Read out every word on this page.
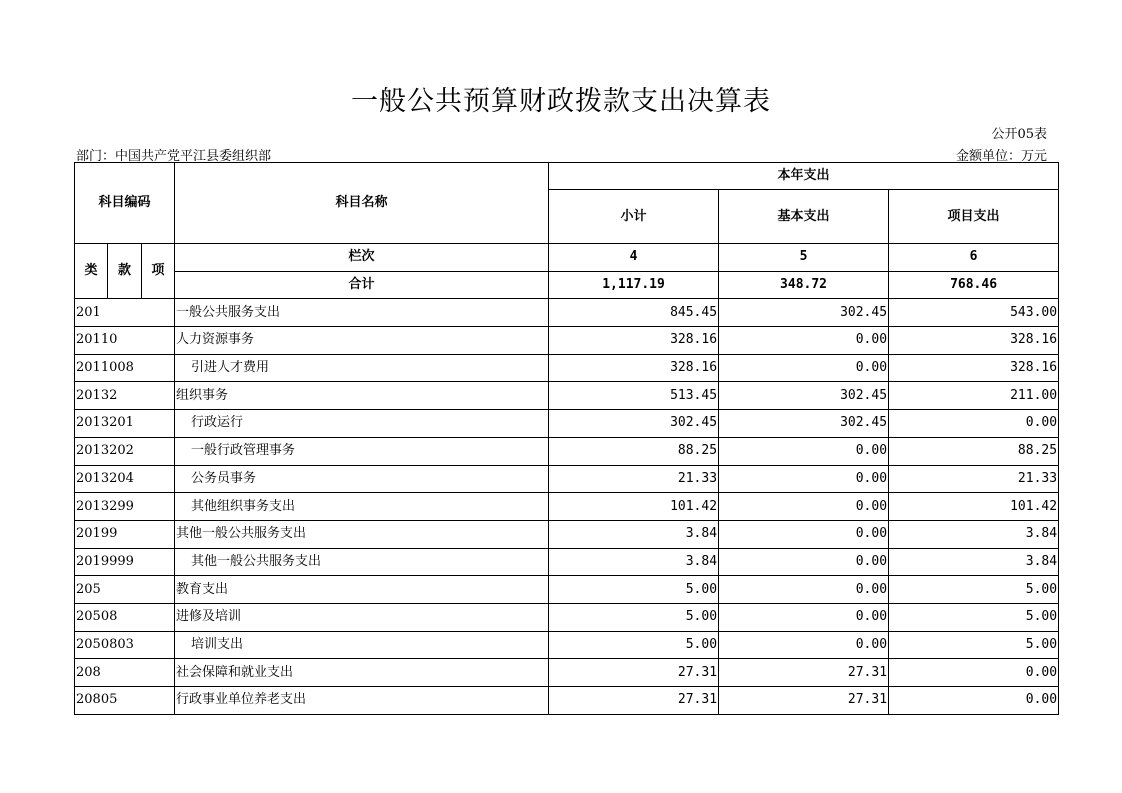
一般公共预算财政拨款支出决算表
公开05表
部门：中国共产党平江县委组织部	金额单位：万元
科目编码			科目名称	本年支出		
				小计	基本支出	项目支出
类	款	项	栏次	4	5	6
			合计	1,117.19	348.72	768.46
201			一般公共服务支出	845.45	302.45	543.00
20110			人力资源事务	328.16	0.00	328.16
2011008			引进人才费用	328.16	0.00	328.16
20132			组织事务	513.45	302.45	211.00
2013201			行政运行	302.45	302.45	0.00
2013202			一般行政管理事务	88.25	0.00	88.25
2013204			公务员事务	21.33	0.00	21.33
2013299			其他组织事务支出	101.42	0.00	101.42
20199			其他一般公共服务支出	3.84	0.00	3.84
2019999			其他一般公共服务支出	3.84	0.00	3.84
205			教育支出	5.00	0.00	5.00
20508			进修及培训	5.00	0.00	5.00
2050803			培训支出	5.00	0.00	5.00
208			社会保障和就业支出	27.31	27.31	0.00
20805			行政事业单位养老支出	27.31	27.31	0.00
